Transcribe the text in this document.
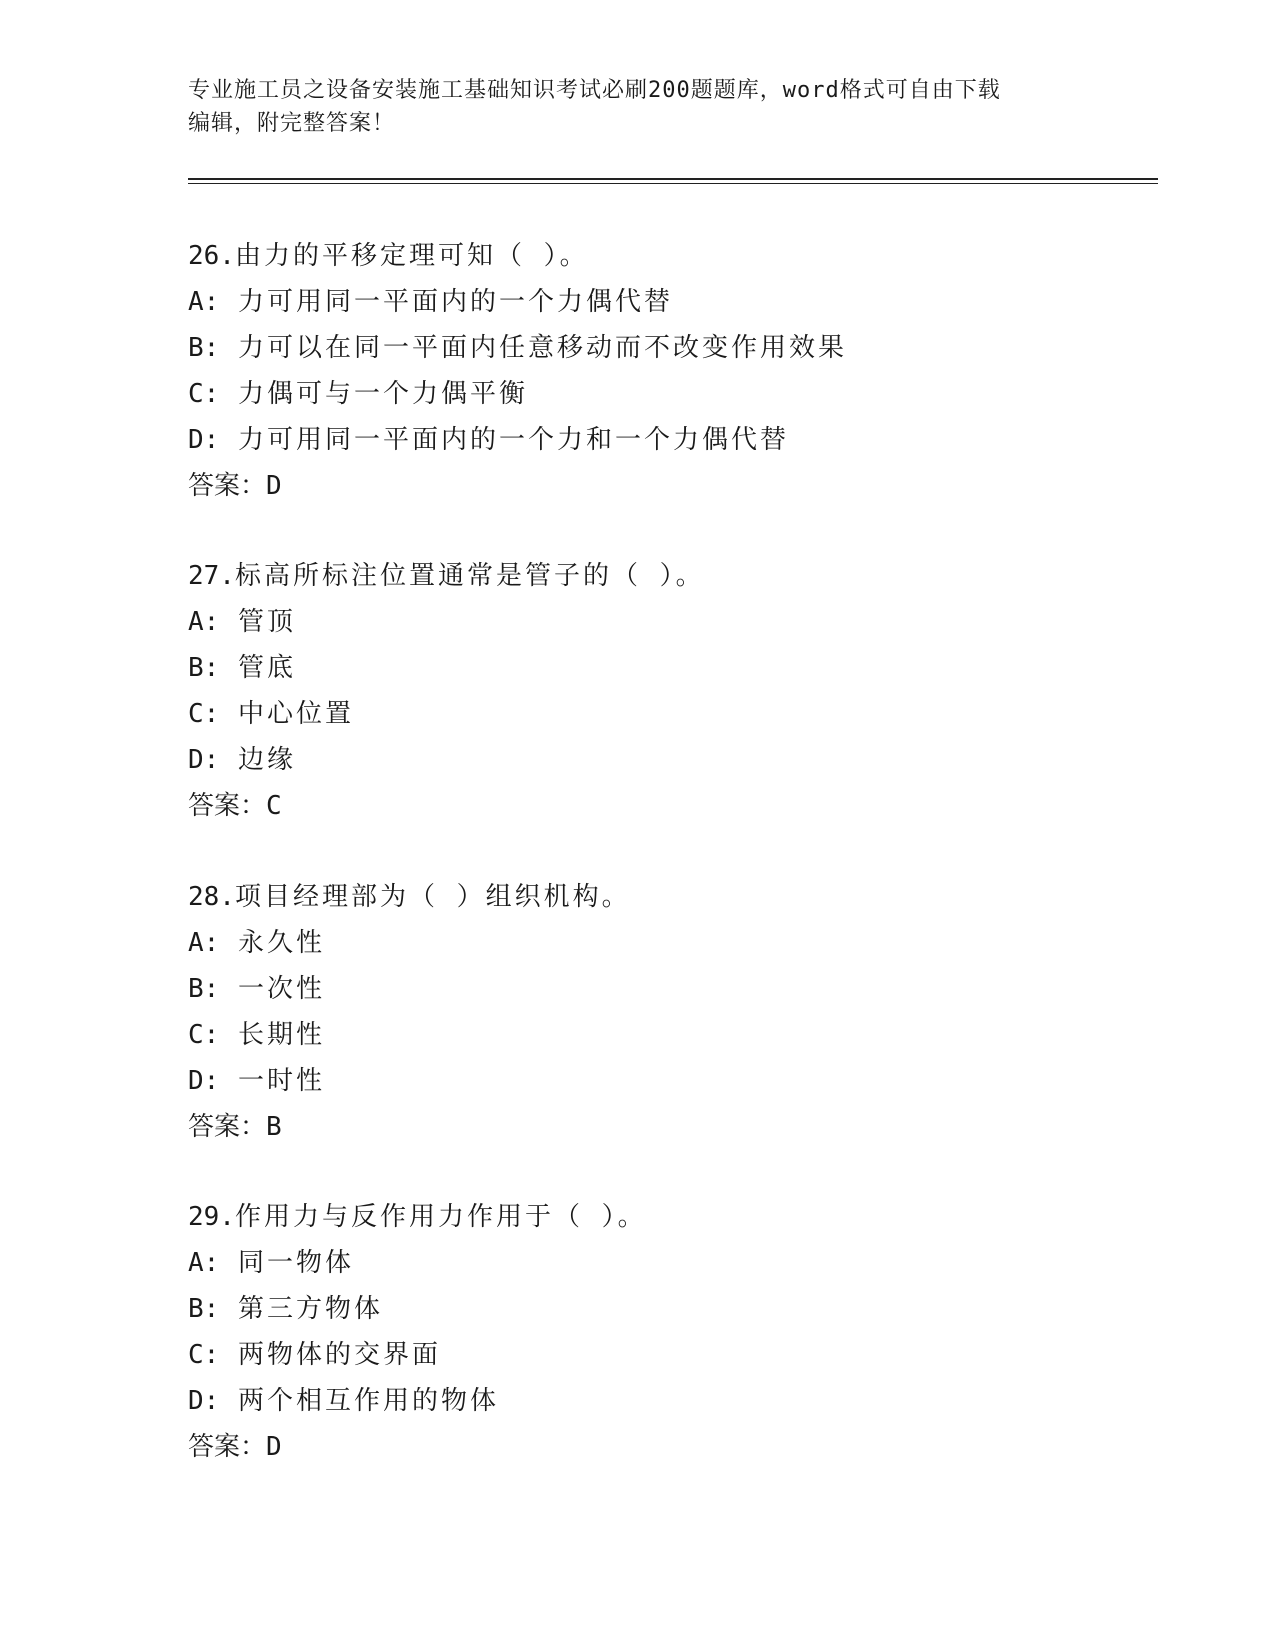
专业施工员之设备安装施工基础知识考试必刷200题题库，word格式可自由下载
编辑，附完整答案！
26.由力的平移定理可知（ ）。
A: 力可用同一平面内的一个力偶代替
B: 力可以在同一平面内任意移动而不改变作用效果
C: 力偶可与一个力偶平衡
D: 力可用同一平面内的一个力和一个力偶代替
答案：D
27.标高所标注位置通常是管子的（ ）。
A: 管顶
B: 管底
C: 中心位置
D: 边缘
答案：C
28.项目经理部为（ ）组织机构。
A: 永久性
B: 一次性
C: 长期性
D: 一时性
答案：B
29.作用力与反作用力作用于（ ）。
A: 同一物体
B: 第三方物体
C: 两物体的交界面
D: 两个相互作用的物体
答案：D
